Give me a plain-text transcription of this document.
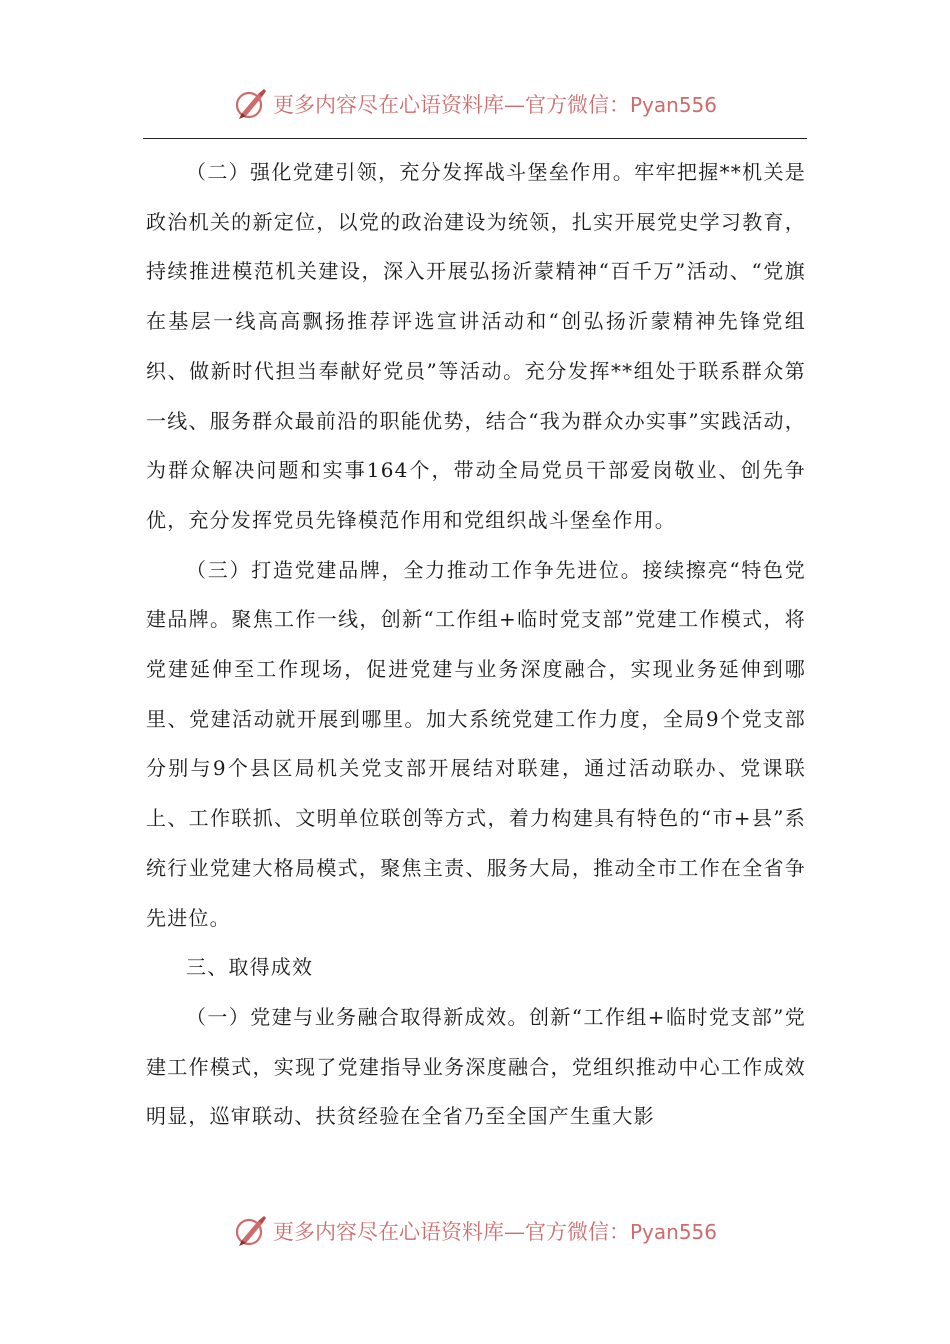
更多内容尽在心语资料库—官方微信：Pyan556

（二）强化党建引领，充分发挥战斗堡垒作用。牢牢把握**机关是政治机关的新定位，以党的政治建设为统领，扎实开展党史学习教育，持续推进模范机关建设，深入开展弘扬沂蒙精神“百千万”活动、“党旗在基层一线高高飘扬推荐评选宣讲活动和“创弘扬沂蒙精神先锋党组织、做新时代担当奉献好党员”等活动。充分发挥**组处于联系群众第一线、服务群众最前沿的职能优势，结合“我为群众办实事”实践活动，为群众解决问题和实事164个，带动全局党员干部爱岗敬业、创先争优，充分发挥党员先锋模范作用和党组织战斗堡垒作用。

（三）打造党建品牌，全力推动工作争先进位。接续擦亮“特色党建品牌。聚焦工作一线，创新“工作组+临时党支部”党建工作模式，将党建延伸至工作现场，促进党建与业务深度融合，实现业务延伸到哪里、党建活动就开展到哪里。加大系统党建工作力度，全局9个党支部分别与9个县区局机关党支部开展结对联建，通过活动联办、党课联上、工作联抓、文明单位联创等方式，着力构建具有特色的“市+县”系统行业党建大格局模式，聚焦主责、服务大局，推动全市工作在全省争先进位。

三、取得成效

（一）党建与业务融合取得新成效。创新“工作组+临时党支部”党建工作模式，实现了党建指导业务深度融合，党组织推动中心工作成效明显，巡审联动、扶贫经验在全省乃至全国产生重大影

更多内容尽在心语资料库—官方微信：Pyan556
